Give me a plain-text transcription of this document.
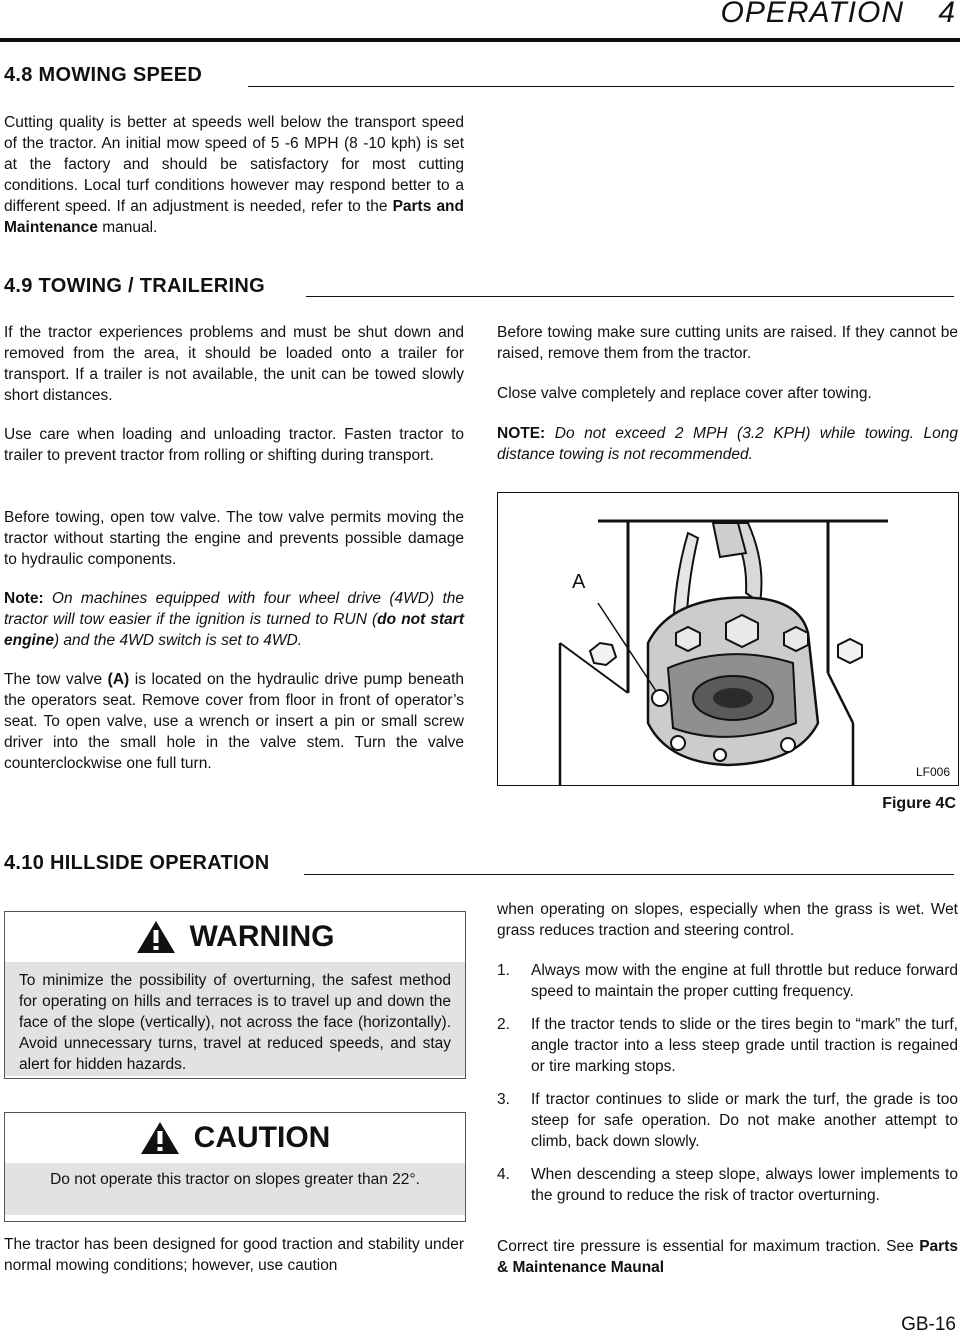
OPERATION 4
4.8 MOWING SPEED

Cutting quality is better at speeds well below the transport speed of the tractor. An initial mow speed of 5 -6 MPH (8 -10 kph) is set at the factory and should be satisfactory for most cutting conditions. Local turf conditions however may respond better to a different speed. If an adjustment is needed, refer to the Parts and Maintenance manual.

4.9 TOWING / TRAILERING

If the tractor experiences problems and must be shut down and removed from the area, it should be loaded onto a trailer for transport. If a trailer is not available, the unit can be towed slowly short distances.

Use care when loading and unloading tractor. Fasten tractor to trailer to prevent tractor from rolling or shifting during transport.

Before towing, open tow valve. The tow valve permits moving the tractor without starting the engine and prevents possible damage to hydraulic components.

Note: On machines equipped with four wheel drive (4WD) the tractor will tow easier if the ignition is turned to RUN (do not start engine) and the 4WD switch is set to 4WD.

The tow valve (A) is located on the hydraulic drive pump beneath the operators seat. Remove cover from floor in front of operator’s seat. To open valve, use a wrench or insert a pin or small screw driver into the small hole in the valve stem. Turn the valve counterclockwise one full turn.

Before towing make sure cutting units are raised. If they cannot be raised, remove them from the tractor.

Close valve completely and replace cover after towing.

NOTE: Do not exceed 2 MPH (3.2 KPH) while towing. Long distance towing is not recommended.

A
LF006
Figure 4C
4.10 HILLSIDE OPERATION
WARNING
To minimize the possibility of overturning, the safest method for operating on hills and terraces is to travel up and down the face of the slope (vertically), not across the face (horizontally). Avoid unnecessary turns, travel at reduced speeds, and stay alert for hidden hazards.
CAUTION
Do not operate this tractor on slopes greater than 22°.

The tractor has been designed for good traction and stability under normal mowing conditions; however, use caution

when operating on slopes, especially when the grass is wet. Wet grass reduces traction and steering control.

1. Always mow with the engine at full throttle but reduce forward speed to maintain the proper cutting frequency.
2. If the tractor tends to slide or the tires begin to “mark” the turf, angle tractor into a less steep grade until traction is regained or tire marking stops.
3. If tractor continues to slide or mark the turf, the grade is too steep for safe operation. Do not make another attempt to climb, back down slowly.
4. When descending a steep slope, always lower implements to the ground to reduce the risk of tractor overturning.

Correct tire pressure is essential for maximum traction. See Parts & Maintenance Maunal

GB-16
